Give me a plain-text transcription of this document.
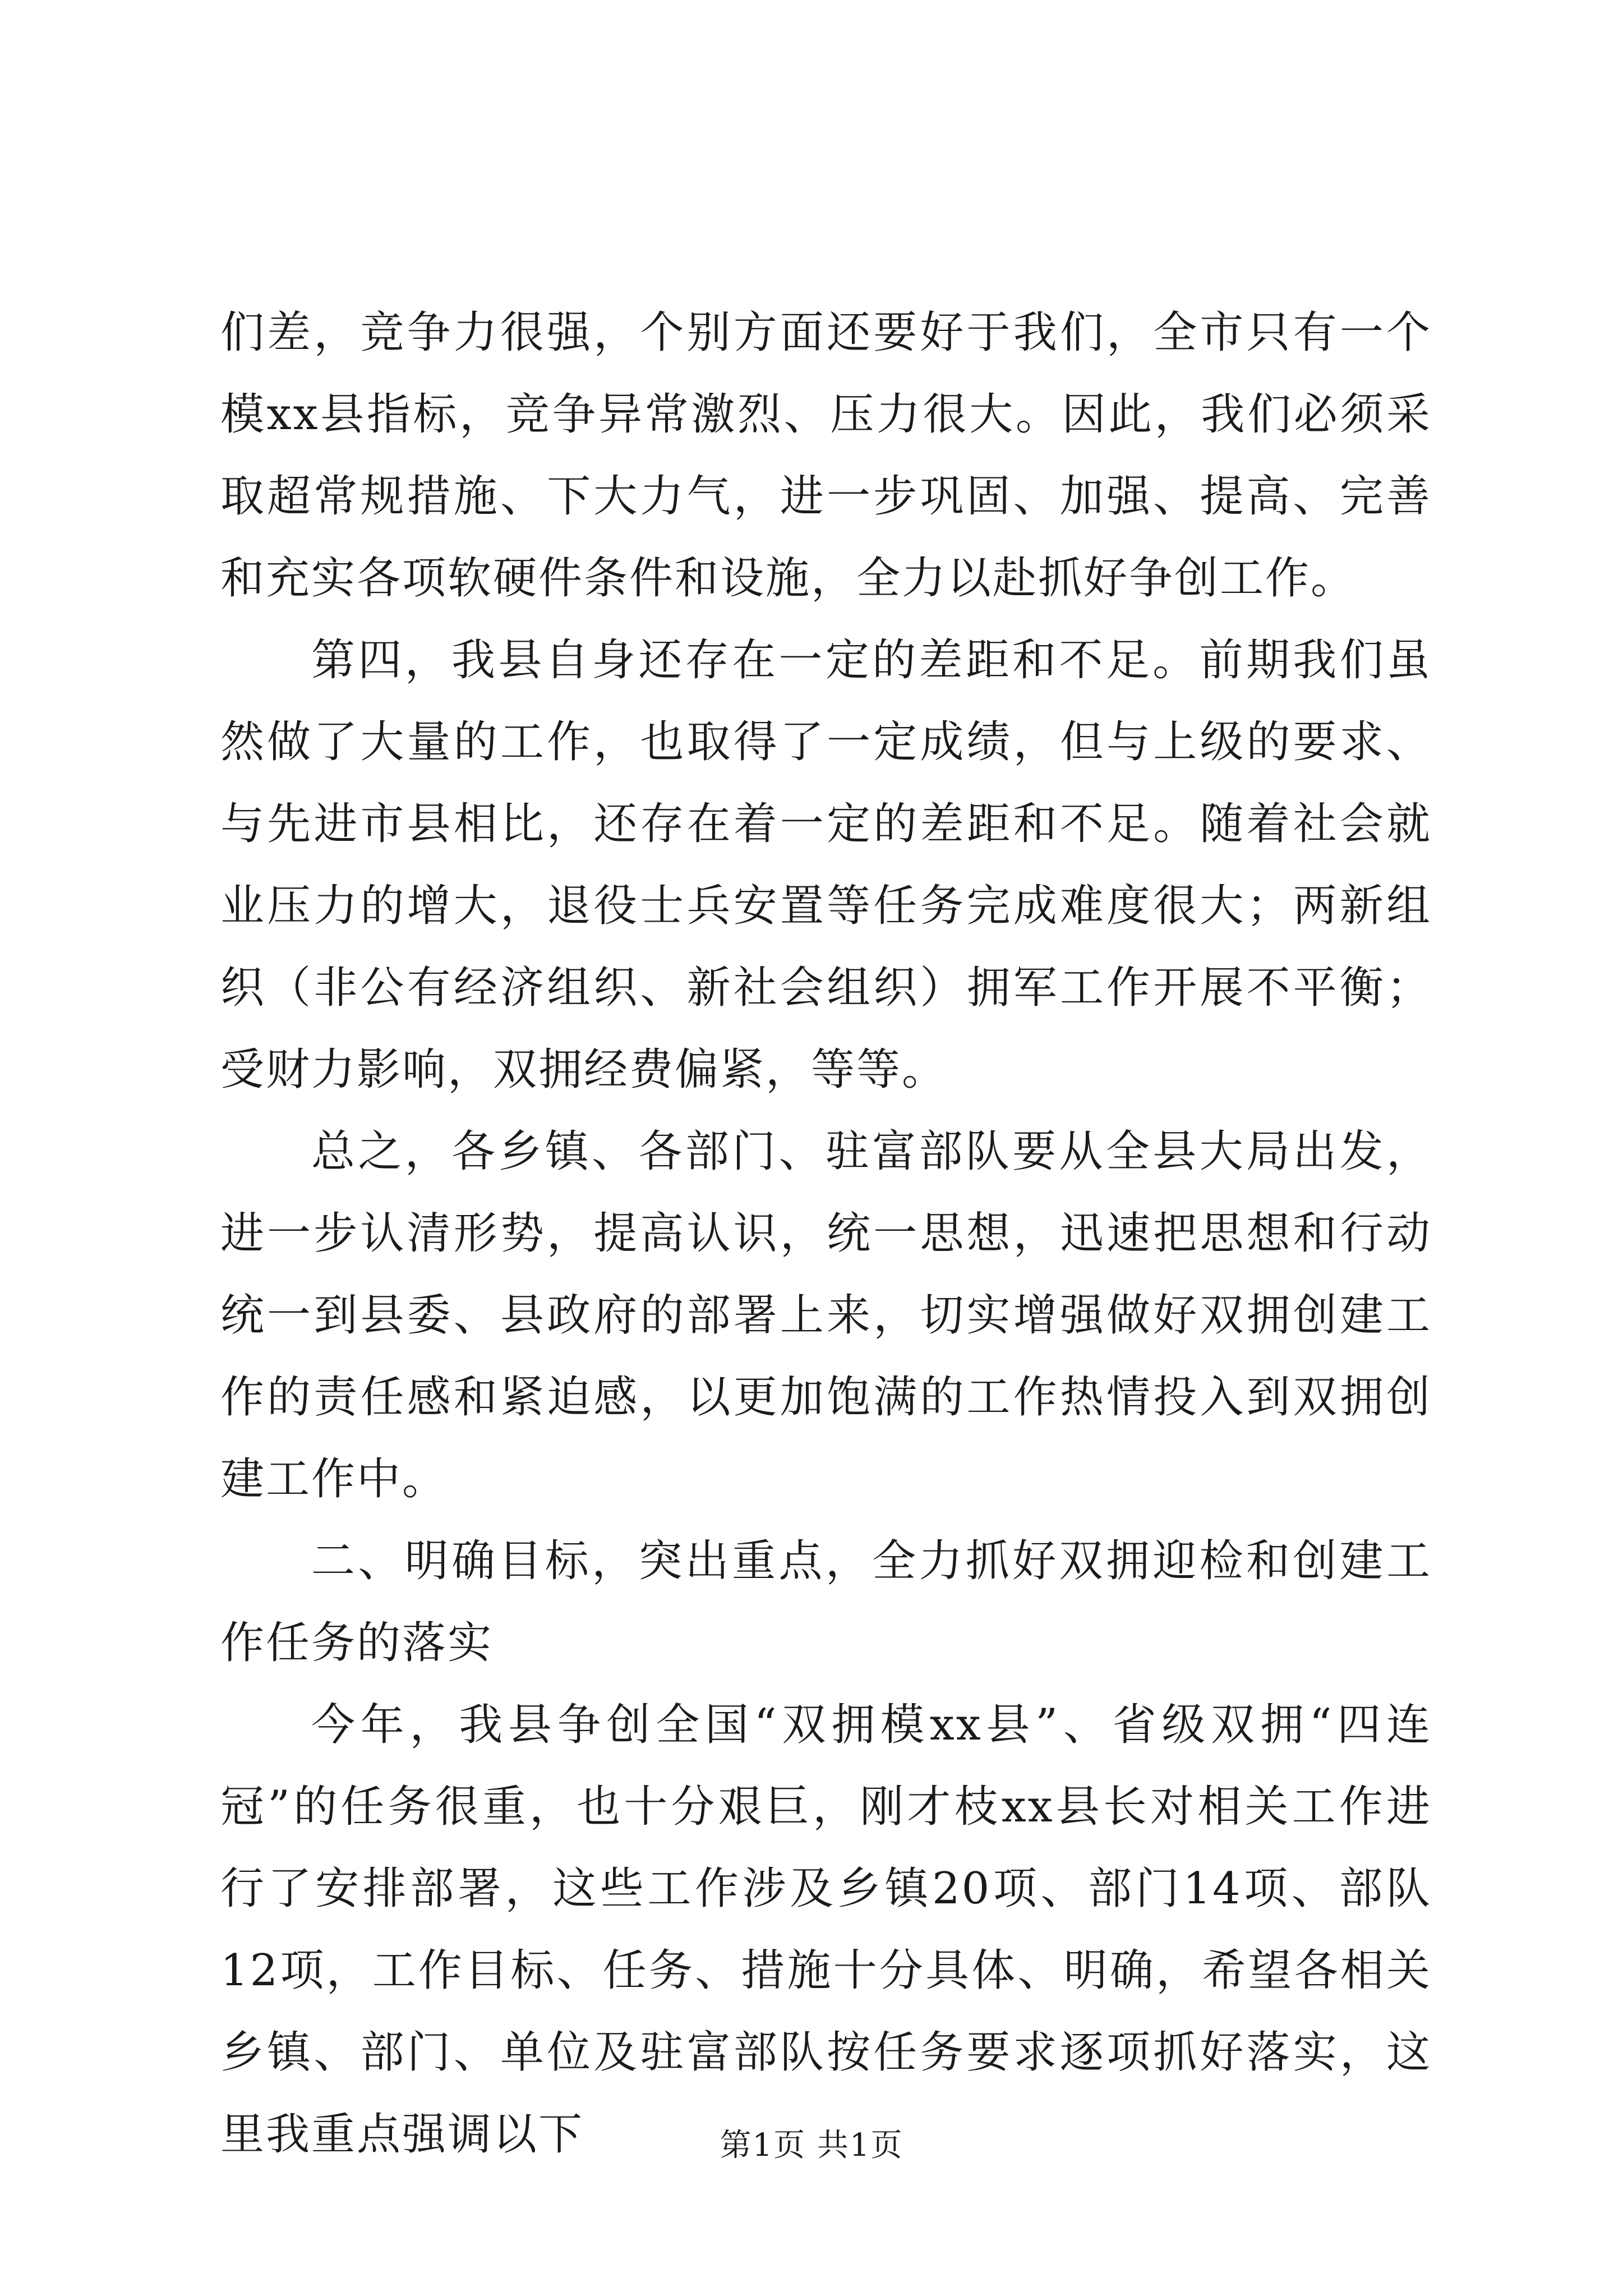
们差，竞争力很强，个别方面还要好于我们，全市只有一个模xx县指标，竞争异常激烈、压力很大。因此，我们必须采取超常规措施、下大力气，进一步巩固、加强、提高、完善和充实各项软硬件条件和设施，全力以赴抓好争创工作。

第四，我县自身还存在一定的差距和不足。前期我们虽然做了大量的工作，也取得了一定成绩，但与上级的要求、与先进市县相比，还存在着一定的差距和不足。随着社会就业压力的增大，退役士兵安置等任务完成难度很大；两新组织（非公有经济组织、新社会组织）拥军工作开展不平衡；受财力影响，双拥经费偏紧，等等。

总之，各乡镇、各部门、驻富部队要从全县大局出发，进一步认清形势，提高认识，统一思想，迅速把思想和行动统一到县委、县政府的部署上来，切实增强做好双拥创建工作的责任感和紧迫感，以更加饱满的工作热情投入到双拥创建工作中。

二、明确目标，突出重点，全力抓好双拥迎检和创建工作任务的落实

今年，我县争创全国“双拥模xx县”、省级双拥“四连冠”的任务很重，也十分艰巨，刚才枝xx县长对相关工作进行了安排部署，这些工作涉及乡镇20项、部门14项、部队12项，工作目标、任务、措施十分具体、明确，希望各相关乡镇、部门、单位及驻富部队按任务要求逐项抓好落实，这里我重点强调以下	第1页 共1页
